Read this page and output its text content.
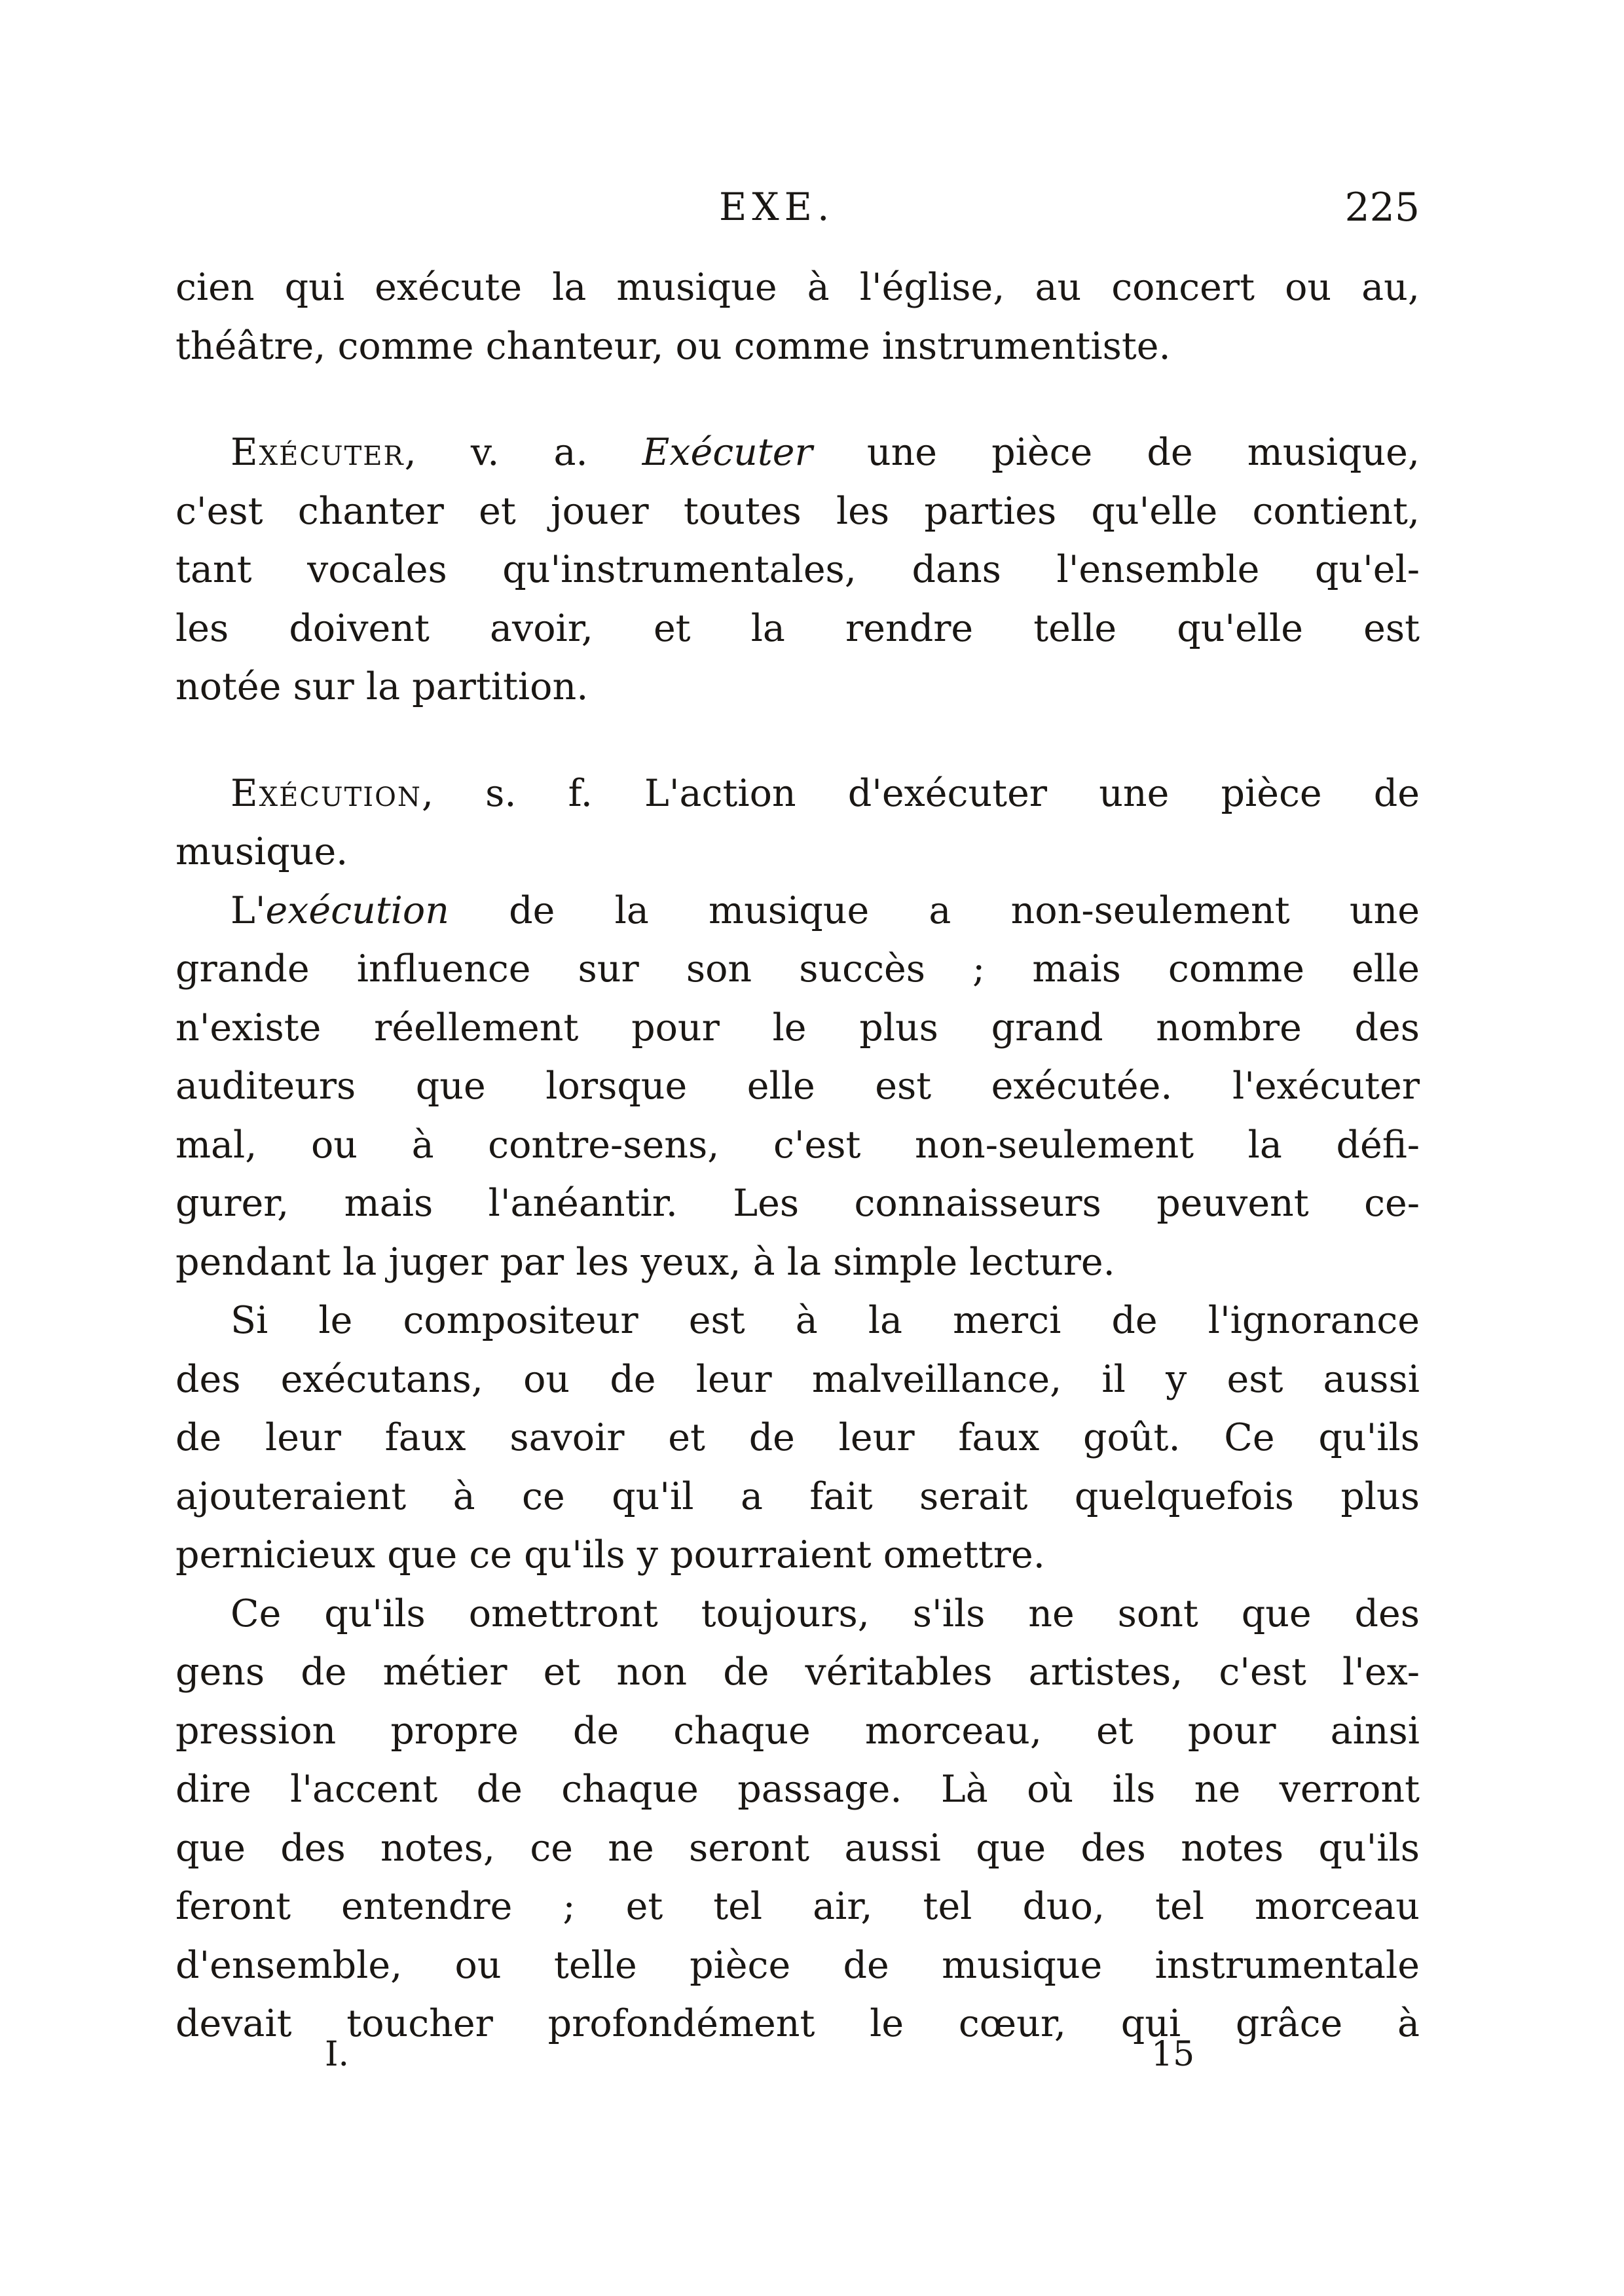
EXE.	225
cien qui exécute la musique à l'église, au concert ou au,
théâtre, comme chanteur, ou comme instrumentiste.
Exécuter, v. a. Exécuter une pièce de musique,
c'est chanter et jouer toutes les parties qu'elle contient,
tant vocales qu'instrumentales, dans l'ensemble qu'el-
les doivent avoir, et la rendre telle qu'elle est
notée sur la partition.
Exécution, s. f. L'action d'exécuter une pièce de
musique.
L'exécution de la musique a non-seulement une
grande influence sur son succès ; mais comme elle
n'existe réellement pour le plus grand nombre des
auditeurs que lorsque elle est exécutée. l'exécuter
mal, ou à contre-sens, c'est non-seulement la défi-
gurer, mais l'anéantir. Les connaisseurs peuvent ce-
pendant la juger par les yeux, à la simple lecture.
Si le compositeur est à la merci de l'ignorance
des exécutans, ou de leur malveillance, il y est aussi
de leur faux savoir et de leur faux goût. Ce qu'ils
ajouteraient à ce qu'il a fait serait quelquefois plus
pernicieux que ce qu'ils y pourraient omettre.
Ce qu'ils omettront toujours, s'ils ne sont que des
gens de métier et non de véritables artistes, c'est l'ex-
pression propre de chaque morceau, et pour ainsi
dire l'accent de chaque passage. Là où ils ne verront
que des notes, ce ne seront aussi que des notes qu'ils
feront entendre ; et tel air, tel duo, tel morceau
d'ensemble, ou telle pièce de musique instrumentale
devait toucher profondément le cœur, qui grâce à
I.	15
